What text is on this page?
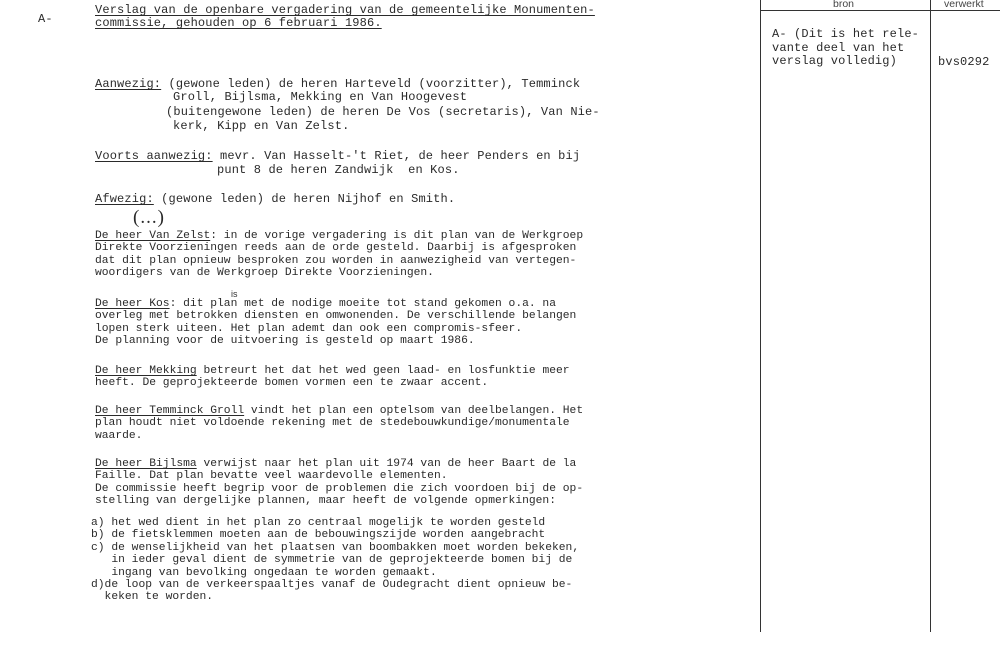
A-
Verslag van de openbare vergadering van de gemeentelijke Monumenten-
commissie, gehouden op 6 februari 1986.
Aanwezig: (gewone leden) de heren Harteveld (voorzitter), Temminck
Groll, Bijlsma, Mekking en Van Hoogevest
(buitengewone leden) de heren De Vos (secretaris), Van Nie-
kerk, Kipp en Van Zelst.
Voorts aanwezig: mevr. Van Hasselt-'t Riet, de heer Penders en bij
punt 8 de heren Zandwijk  en Kos.
Afwezig: (gewone leden) de heren Nijhof en Smith.
(...)
De heer Van Zelst: in de vorige vergadering is dit plan van de Werkgroep
Direkte Voorzieningen reeds aan de orde gesteld. Daarbij is afgesproken
dat dit plan opnieuw besproken zou worden in aanwezigheid van vertegen-
woordigers van de Werkgroep Direkte Voorzieningen.
is
De heer Kos: dit plan met de nodige moeite tot stand gekomen o.a. na
overleg met betrokken diensten en omwonenden. De verschillende belangen
lopen sterk uiteen. Het plan ademt dan ook een compromis-sfeer.
De planning voor de uitvoering is gesteld op maart 1986.
De heer Mekking betreurt het dat het wed geen laad- en losfunktie meer
heeft. De geprojekteerde bomen vormen een te zwaar accent.
De heer Temminck Groll vindt het plan een optelsom van deelbelangen. Het
plan houdt niet voldoende rekening met de stedebouwkundige/monumentale
waarde.
De heer Bijlsma verwijst naar het plan uit 1974 van de heer Baart de la
Faille. Dat plan bevatte veel waardevolle elementen.
De commissie heeft begrip voor de problemen die zich voordoen bij de op-
stelling van dergelijke plannen, maar heeft de volgende opmerkingen:
a) het wed dient in het plan zo centraal mogelijk te worden gesteld
b) de fietsklemmen moeten aan de bebouwingszijde worden aangebracht
c) de wenselijkheid van het plaatsen van boombakken moet worden bekeken,
in ieder geval dient de symmetrie van de geprojekteerde bomen bij de
ingang van bevolking ongedaan te worden gemaakt.
d)de loop van de verkeerspaaltjes vanaf de Oudegracht dient opnieuw be-
keken te worden.
bron	verwerkt
A- (Dit is het rele-
vante deel van het
verslag volledig)	bvs0292
